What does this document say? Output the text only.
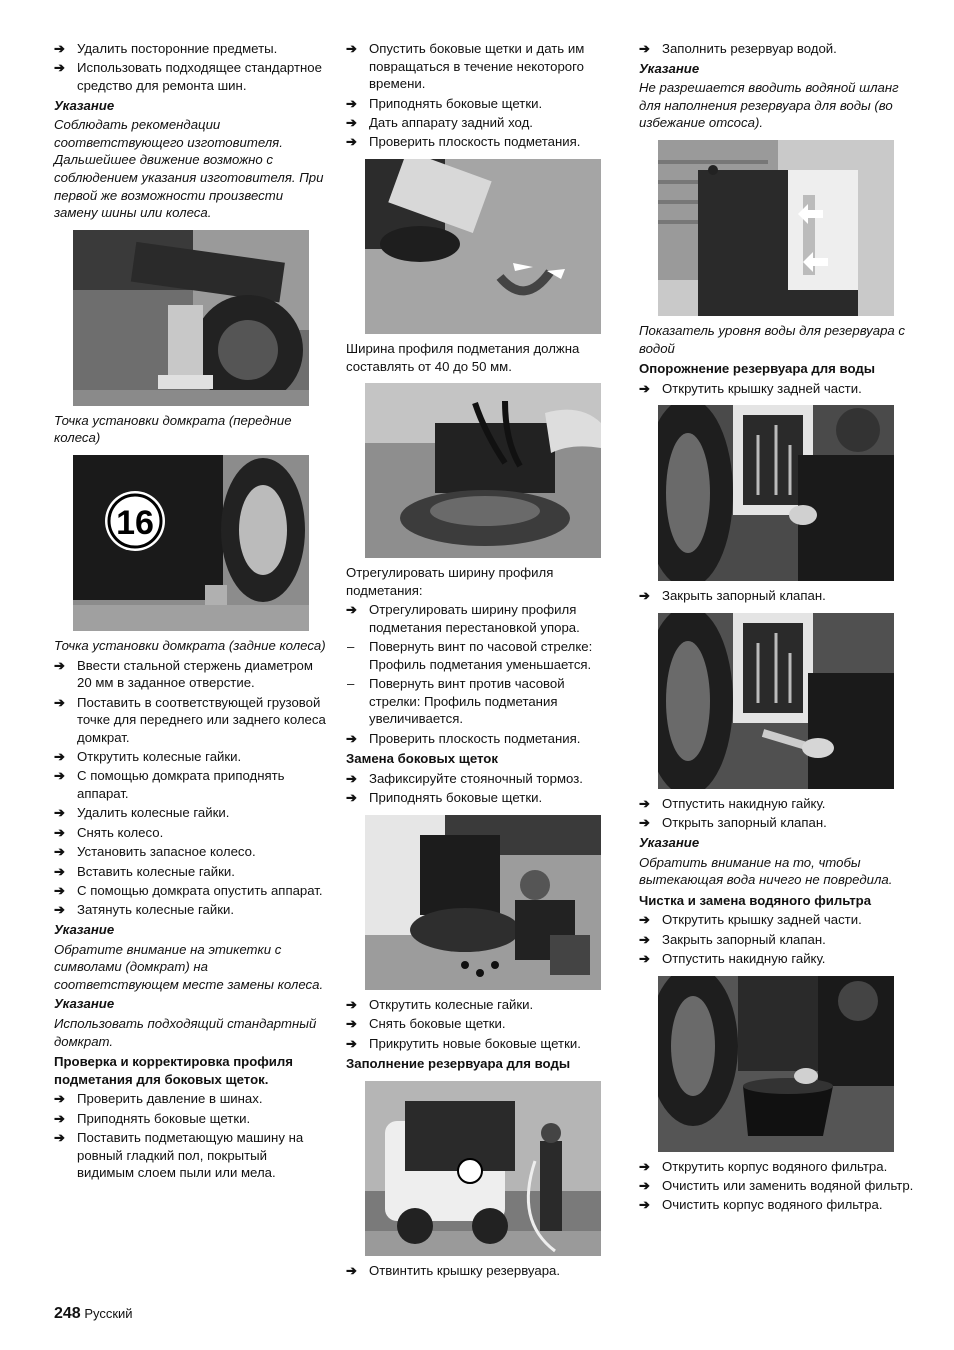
➔ Удалить посторонние предметы.
➔ Использовать подходящее стандартное средство для ремонта шин.
Указание
Соблюдать рекомендации соответствующего изготовителя. Дальшейшее движение возможно с соблюдением указания изготовителя. При первой же возможности произвести замену шины или колеса.
Точка установки домкрата (передние колеса)
16
Точка установки домкрата (задние колеса)
➔ Ввести стальной стержень диаметром 20 мм в заданное отверстие.
➔ Поставить в соответствующей грузовой точке для переднего или заднего колеса домкрат.
➔ Открутить колесные гайки.
➔ С помощью домкрата приподнять аппарат.
➔ Удалить колесные гайки.
➔ Снять колесо.
➔ Установить запасное колесо.
➔ Вставить колесные гайки.
➔ С помощью домкрата опустить аппарат.
➔ Затянуть колесные гайки.
Указание
Обратите внимание на этикетки с символами (домкрат) на соответствующем месте замены колеса.
Указание
Использовать подходящий стандартный домкрат.
Проверка и корректировка профиля подметания для боковых щеток.
➔ Проверить давление в шинах.
➔ Приподнять боковые щетки.
➔ Поставить подметающую машину на ровный гладкий пол, покрытый видимым слоем пыли или мела.
➔ Опустить боковые щетки и дать им повращаться в течение некоторого времени.
➔ Приподнять боковые щетки.
➔ Дать аппарату задний ход.
➔ Проверить плоскость подметания.
Ширина профиля подметания должна составлять от 40 до 50 мм.
Отрегулировать ширину профиля подметания:
➔ Отрегулировать ширину профиля подметания перестановкой упора.
– Повернуть винт по часовой стрелке: Профиль подметания уменьшается.
– Повернуть винт против часовой стрелки: Профиль подметания увеличивается.
➔ Проверить плоскость подметания.
Замена боковых щеток
➔ Зафиксируйте стояночный тормоз.
➔ Приподнять боковые щетки.
➔ Открутить колесные гайки.
➔ Снять боковые щетки.
➔ Прикрутить новые боковые щетки.
Заполнение резервуара для воды
➔ Отвинтить крышку резервуара.
➔ Заполнить резервуар водой.
Указание
Не разрешается вводить водяной шланг для наполнения резервуара для воды (во избежание отсоса).
Показатель уровня воды для резервуара с водой
Опорожнение резервуара для воды
➔ Открутить крышку задней части.
➔ Закрыть запорный клапан.
➔ Отпустить накидную гайку.
➔ Открыть запорный клапан.
Указание
Обратить внимание на то, чтобы вытекающая вода ничего не повредила.
Чистка и замена водяного фильтра
➔ Открутить крышку задней части.
➔ Закрыть запорный клапан.
➔ Отпустить накидную гайку.
➔ Открутить корпус водяного фильтра.
➔ Очистить или заменить водяной фильтр.
➔ Очистить корпус водяного фильтра.
248 Русский
